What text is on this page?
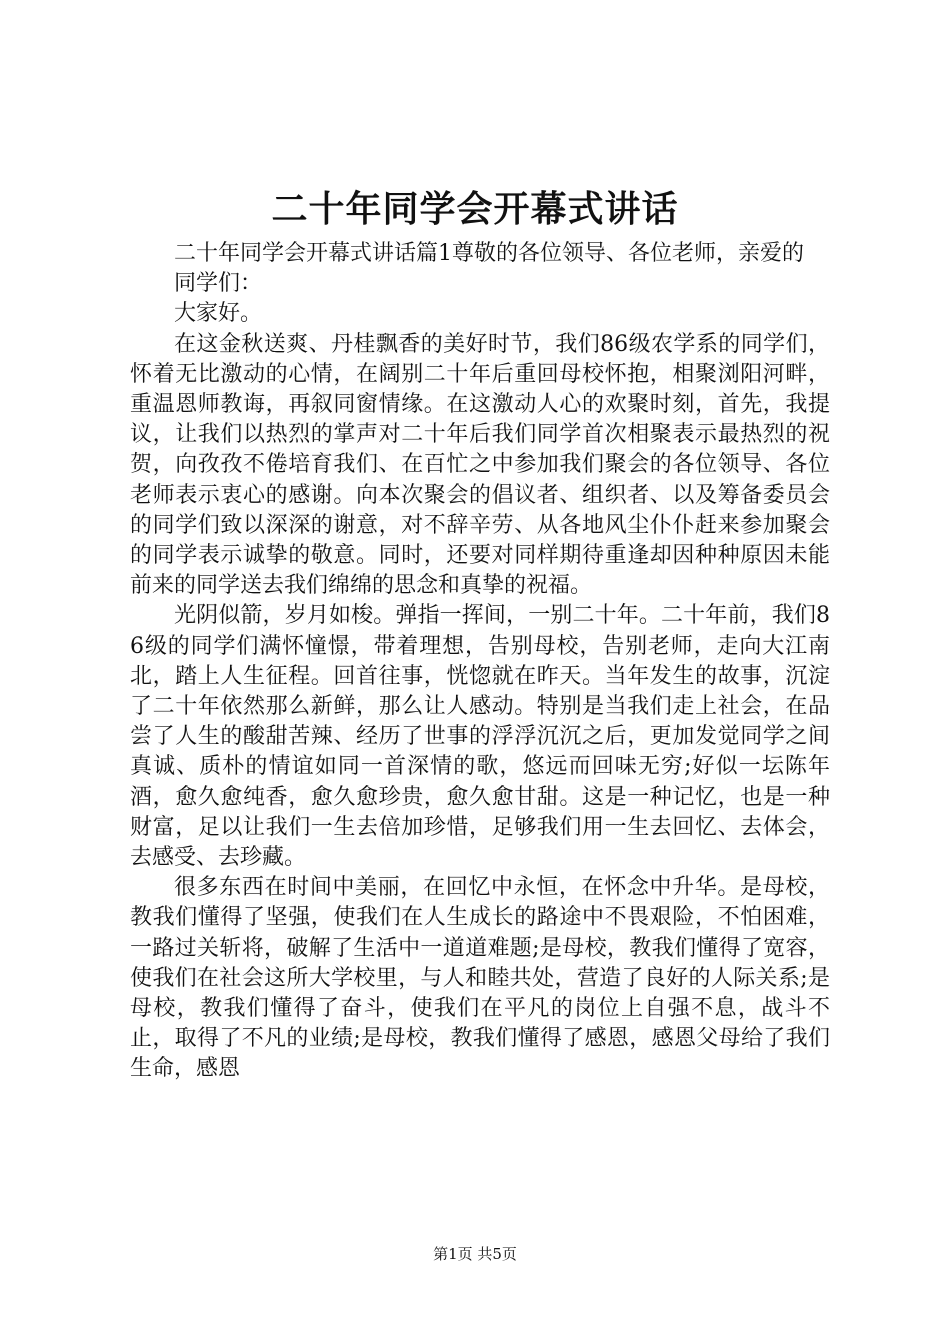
二十年同学会开幕式讲话

二十年同学会开幕式讲话篇1尊敬的各位领导、各位老师，亲爱的

同学们：

大家好。

在这金秋送爽、丹桂飘香的美好时节，我们86级农学系的同学们，怀着无比激动的心情，在阔别二十年后重回母校怀抱，相聚浏阳河畔，重温恩师教诲，再叙同窗情缘。在这激动人心的欢聚时刻，首先，我提议，让我们以热烈的掌声对二十年后我们同学首次相聚表示最热烈的祝贺，向孜孜不倦培育我们、在百忙之中参加我们聚会的各位领导、各位老师表示衷心的感谢。向本次聚会的倡议者、组织者、以及筹备委员会的同学们致以深深的谢意，对不辞辛劳、从各地风尘仆仆赶来参加聚会的同学表示诚挚的敬意。同时，还要对同样期待重逢却因种种原因未能前来的同学送去我们绵绵的思念和真挚的祝福。

光阴似箭，岁月如梭。弹指一挥间，一别二十年。二十年前，我们86级的同学们满怀憧憬，带着理想，告别母校，告别老师，走向大江南北，踏上人生征程。回首往事，恍惚就在昨天。当年发生的故事，沉淀了二十年依然那么新鲜，那么让人感动。特别是当我们走上社会，在品尝了人生的酸甜苦辣、经历了世事的浮浮沉沉之后，更加发觉同学之间真诚、质朴的情谊如同一首深情的歌，悠远而回味无穷;好似一坛陈年酒，愈久愈纯香，愈久愈珍贵，愈久愈甘甜。这是一种记忆，也是一种财富，足以让我们一生去倍加珍惜，足够我们用一生去回忆、去体会，去感受、去珍藏。

很多东西在时间中美丽，在回忆中永恒，在怀念中升华。是母校，教我们懂得了坚强，使我们在人生成长的路途中不畏艰险，不怕困难，一路过关斩将，破解了生活中一道道难题;是母校，教我们懂得了宽容，使我们在社会这所大学校里，与人和睦共处，营造了良好的人际关系;是母校，教我们懂得了奋斗，使我们在平凡的岗位上自强不息，战斗不止，取得了不凡的业绩;是母校，教我们懂得了感恩，感恩父母给了我们生命，感恩

第1页 共5页
